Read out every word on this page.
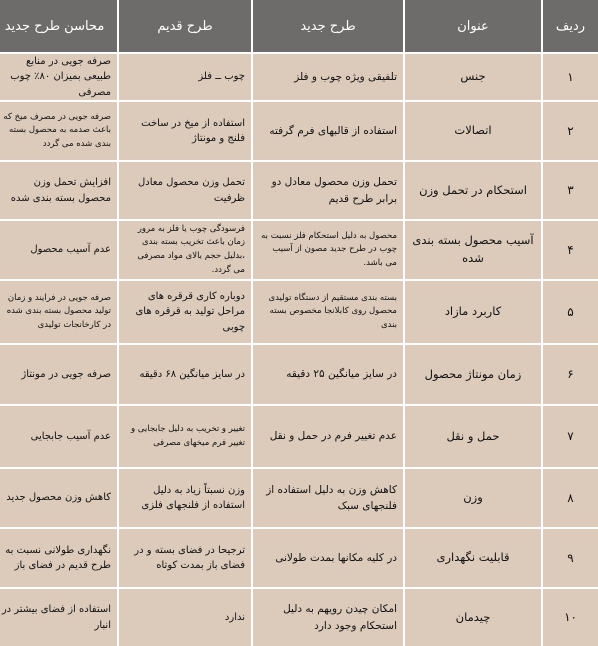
ردیف
عنوان
طرح جدید
طرح قدیم
محاسن طرح جدید
۱
جنس
تلفیقی ویژه چوب و فلز
چوب ــ فلز
صرفه جویی در منابع طبیعی بمیزان ۸۰٪ چوب مصرفی
۲
اتصالات
استفاده از قالبهای فرم گرفته
استفاده از میخ در ساخت فلنج و مونتاژ
صرفه جویی در مصرف میخ که باعث صدمه به محصول بسته بندی شده می گردد
۳
استحکام در تحمل وزن
تحمل وزن محصول معادل دو برابر طرح قدیم
تحمل وزن محصول معادل ظرفیت
افزایش تحمل وزن محصول بسته بندی شده
۴
آسیب محصول بسته بندی شده
محصول به دلیل استحکام فلز نسبت به چوب در طرح جدید مصون از آسیب می باشد.
فرسودگی چوب یا فلز به مرور زمان باعث تخریب بسته بندی ،بدلیل حجم بالای مواد مصرفی می گردد.
عدم آسیب محصول
۵
کاربرد مازاد
بسته بندی مستقیم از دستگاه تولیدی محصول روی کابلانجا مخصوص بسته بندی
دوباره کاری قرقره های مراحل تولید به قرقره های چوبی
صرفه جویی در فرایند و زمان تولید محصول بسته بندی شده در کارخانجات تولیدی
۶
زمان مونتاژ محصول
در سایز میانگین ۲۵ دقیقه
در سایز میانگین ۶۸ دقیقه
صرفه جویی در مونتاژ
۷
حمل و نقل
عدم تغییر فرم در حمل و نقل
تغییر و تخریب به دلیل جابجایی و تغییر فرم میخهای مصرفی
عدم آسیب جابجایی
۸
وزن
کاهش وزن به دلیل استفاده از فلنجهای سبک
وزن نسبتاً زیاد به دلیل استفاده از فلنجهای فلزی
کاهش وزن محصول جدید
۹
قابلیت نگهداری
در کلیه مکانها بمدت طولانی
ترجیحا در فضای بسته و در فضای باز بمدت کوتاه
نگهداری طولانی نسبت به طرح قدیم در فضای باز
۱۰
چیدمان
امکان چیدن رویهم به دلیل استحکام وجود دارد
ندارد
استفاده از فضای بیشتر در انبار
